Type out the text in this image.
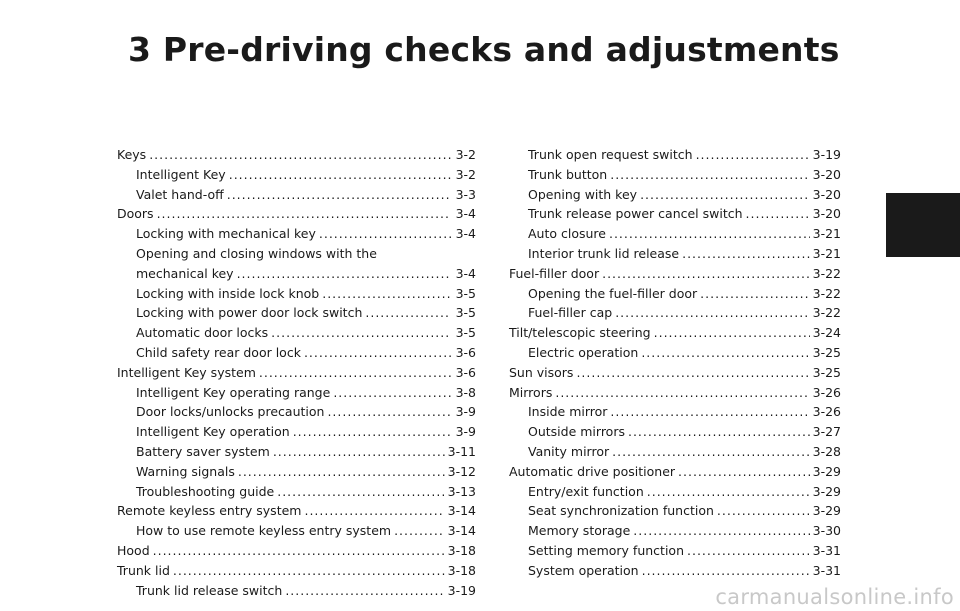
3 Pre-driving checks and adjustments
Keys .....	3-2
Intelligent Key .....	3-2
Valet hand-off .....	3-3
Doors .....	3-4
Locking with mechanical key .....	3-4
Opening and closing windows with the
mechanical key .....	3-4
Locking with inside lock knob .....	3-5
Locking with power door lock switch .....	3-5
Automatic door locks .....	3-5
Child safety rear door lock .....	3-6
Intelligent Key system .....	3-6
Intelligent Key operating range .....	3-8
Door locks/unlocks precaution .....	3-9
Intelligent Key operation .....	3-9
Battery saver system .....	3-11
Warning signals .....	3-12
Troubleshooting guide .....	3-13
Remote keyless entry system .....	3-14
How to use remote keyless entry system .....	3-14
Hood .....	3-18
Trunk lid .....	3-18
Trunk lid release switch .....	3-19
Trunk open request switch .....	3-19
Trunk button .....	3-20
Opening with key .....	3-20
Trunk release power cancel switch .....	3-20
Auto closure .....	3-21
Interior trunk lid release .....	3-21
Fuel-filler door .....	3-22
Opening the fuel-filler door .....	3-22
Fuel-filler cap .....	3-22
Tilt/telescopic steering .....	3-24
Electric operation .....	3-25
Sun visors .....	3-25
Mirrors .....	3-26
Inside mirror .....	3-26
Outside mirrors .....	3-27
Vanity mirror .....	3-28
Automatic drive positioner .....	3-29
Entry/exit function .....	3-29
Seat synchronization function .....	3-29
Memory storage .....	3-30
Setting memory function .....	3-31
System operation .....	3-31
carmanualsonline.info
